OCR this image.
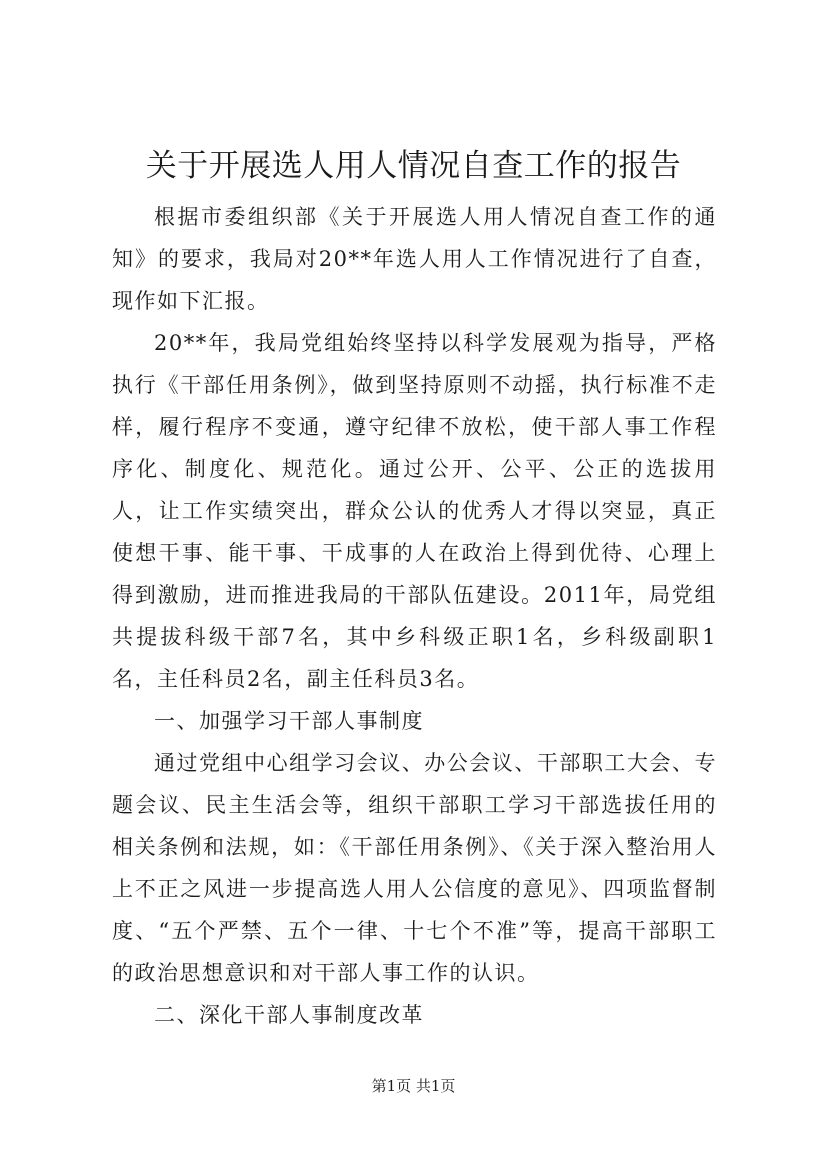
关于开展选人用人情况自查工作的报告

根据市委组织部《关于开展选人用人情况自查工作的通知》的要求，我局对20**年选人用人工作情况进行了自查，现作如下汇报。

20**年，我局党组始终坚持以科学发展观为指导，严格执行《干部任用条例》，做到坚持原则不动摇，执行标准不走样，履行程序不变通，遵守纪律不放松，使干部人事工作程序化、制度化、规范化。通过公开、公平、公正的选拔用人，让工作实绩突出，群众公认的优秀人才得以突显，真正使想干事、能干事、干成事的人在政治上得到优待、心理上得到激励，进而推进我局的干部队伍建设。2011年，局党组共提拔科级干部7名，其中乡科级正职1名，乡科级副职1名，主任科员2名，副主任科员3名。

一、加强学习干部人事制度

通过党组中心组学习会议、办公会议、干部职工大会、专题会议、民主生活会等，组织干部职工学习干部选拔任用的相关条例和法规，如：《干部任用条例》、《关于深入整治用人上不正之风进一步提高选人用人公信度的意见》、四项监督制度、“五个严禁、五个一律、十七个不准”等，提高干部职工的政治思想意识和对干部人事工作的认识。

二、深化干部人事制度改革

第1页 共1页
